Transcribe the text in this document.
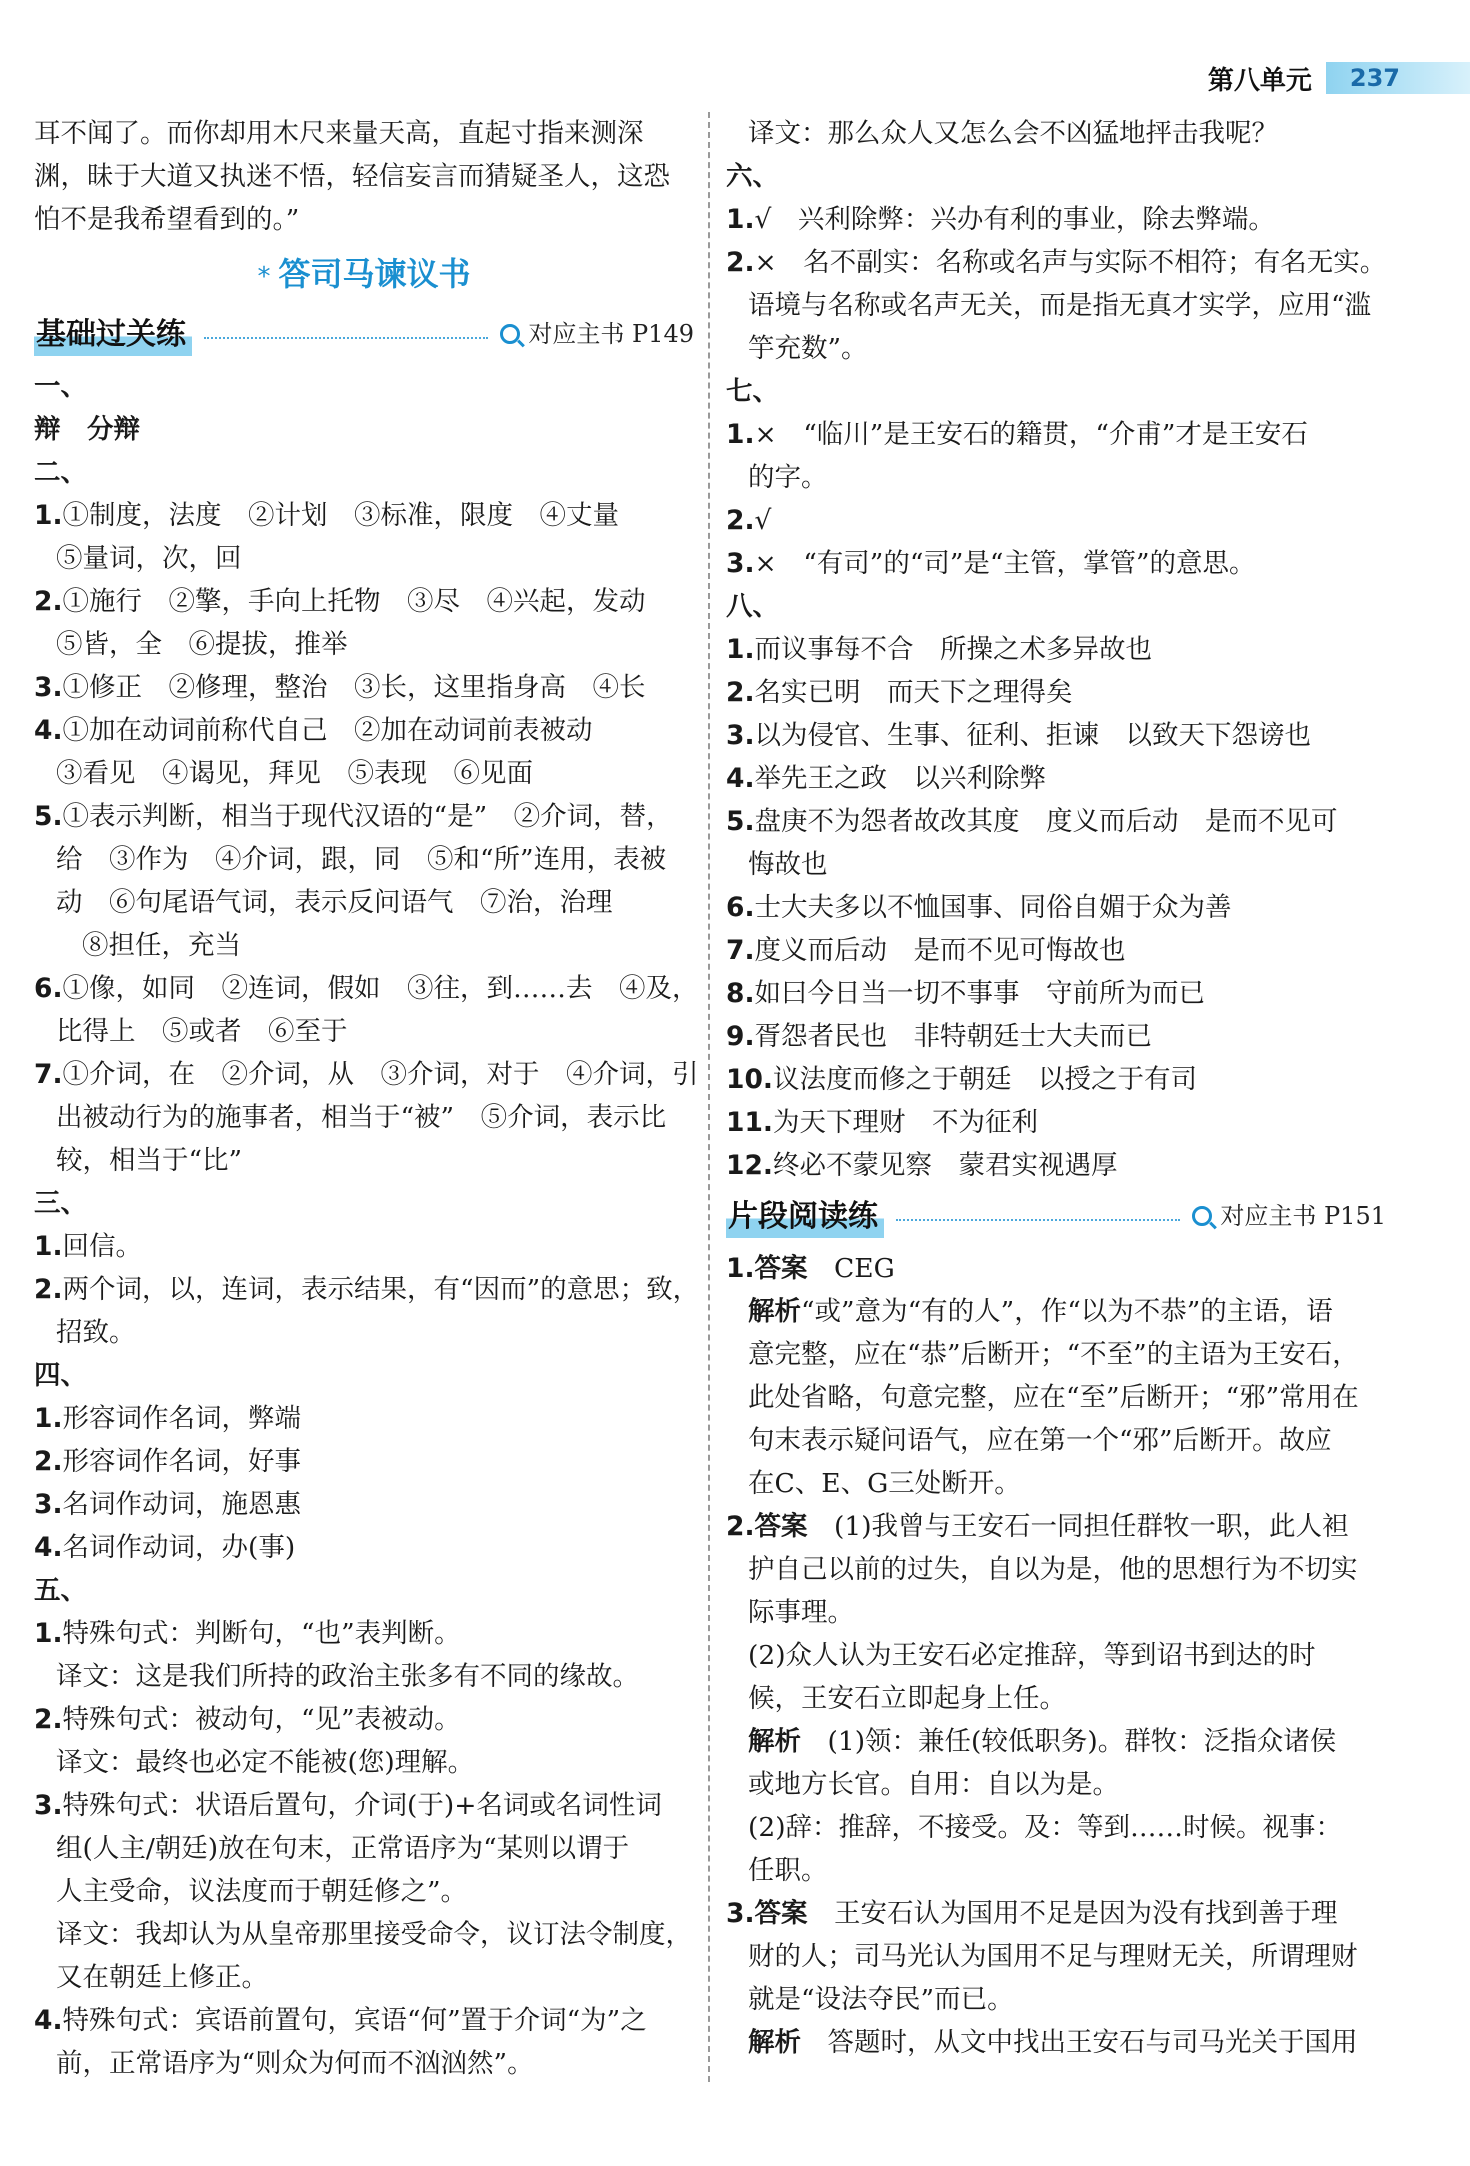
第八单元	237
耳不闻了。而你却用木尺来量天高，直起寸指来测深
渊，昧于大道又执迷不悟，轻信妄言而猜疑圣人，这恐
怕不是我希望看到的。”
* 答司马谏议书
基础过关练	对应主书 P149
一、
辩　分辩
二、
1.①制度，法度　②计划　③标准，限度　④丈量
⑤量词，次，回
2.①施行　②擎，手向上托物　③尽　④兴起，发动
⑤皆，全　⑥提拔，推举
3.①修正　②修理，整治　③长，这里指身高　④长
4.①加在动词前称代自己　②加在动词前表被动
③看见　④谒见，拜见　⑤表现　⑥见面
5.①表示判断，相当于现代汉语的“是”　②介词，替，
给　③作为　④介词，跟，同　⑤和“所”连用，表被
动　⑥句尾语气词，表示反问语气　⑦治，治理
⑧担任，充当
6.①像，如同　②连词，假如　③往，到……去　④及，
比得上　⑤或者　⑥至于
7.①介词，在　②介词，从　③介词，对于　④介词，引
出被动行为的施事者，相当于“被”　⑤介词，表示比
较，相当于“比”
三、
1.回信。
2.两个词，以，连词，表示结果，有“因而”的意思；致，
招致。
四、
1.形容词作名词，弊端
2.形容词作名词，好事
3.名词作动词，施恩惠
4.名词作动词，办(事)
五、
1.特殊句式：判断句，“也”表判断。
译文：这是我们所持的政治主张多有不同的缘故。
2.特殊句式：被动句，“见”表被动。
译文：最终也必定不能被(您)理解。
3.特殊句式：状语后置句，介词(于)+名词或名词性词
组(人主/朝廷)放在句末，正常语序为“某则以谓于
人主受命，议法度而于朝廷修之”。
译文：我却认为从皇帝那里接受命令，议订法令制度，
又在朝廷上修正。
4.特殊句式：宾语前置句，宾语“何”置于介词“为”之
前，正常语序为“则众为何而不汹汹然”。
译文：那么众人又怎么会不凶猛地抨击我呢？
六、
1.√　兴利除弊：兴办有利的事业，除去弊端。
2.×　名不副实：名称或名声与实际不相符；有名无实。
语境与名称或名声无关，而是指无真才实学，应用“滥
竽充数”。
七、
1.×　“临川”是王安石的籍贯，“介甫”才是王安石
的字。
2.√
3.×　“有司”的“司”是“主管，掌管”的意思。
八、
1.而议事每不合　所操之术多异故也
2.名实已明　而天下之理得矣
3.以为侵官、生事、征利、拒谏　以致天下怨谤也
4.举先王之政　以兴利除弊
5.盘庚不为怨者故改其度　度义而后动　是而不见可
悔故也
6.士大夫多以不恤国事、同俗自媚于众为善
7.度义而后动　是而不见可悔故也
8.如曰今日当一切不事事　守前所为而已
9.胥怨者民也　非特朝廷士大夫而已
10.议法度而修之于朝廷　以授之于有司
11.为天下理财　不为征利
12.终必不蒙见察　蒙君实视遇厚
片段阅读练	对应主书 P151
1.答案　CEG
解析“或”意为“有的人”，作“以为不恭”的主语，语
意完整，应在“恭”后断开；“不至”的主语为王安石，
此处省略，句意完整，应在“至”后断开；“邪”常用在
句末表示疑问语气，应在第一个“邪”后断开。故应
在C、E、G三处断开。
2.答案　(1)我曾与王安石一同担任群牧一职，此人袒
护自己以前的过失，自以为是，他的思想行为不切实
际事理。
(2)众人认为王安石必定推辞，等到诏书到达的时
候，王安石立即起身上任。
解析　(1)领：兼任(较低职务)。群牧：泛指众诸侯
或地方长官。自用：自以为是。
(2)辞：推辞，不接受。及：等到……时候。视事：
任职。
3.答案　王安石认为国用不足是因为没有找到善于理
财的人；司马光认为国用不足与理财无关，所谓理财
就是“设法夺民”而已。
解析　答题时，从文中找出王安石与司马光关于国用
